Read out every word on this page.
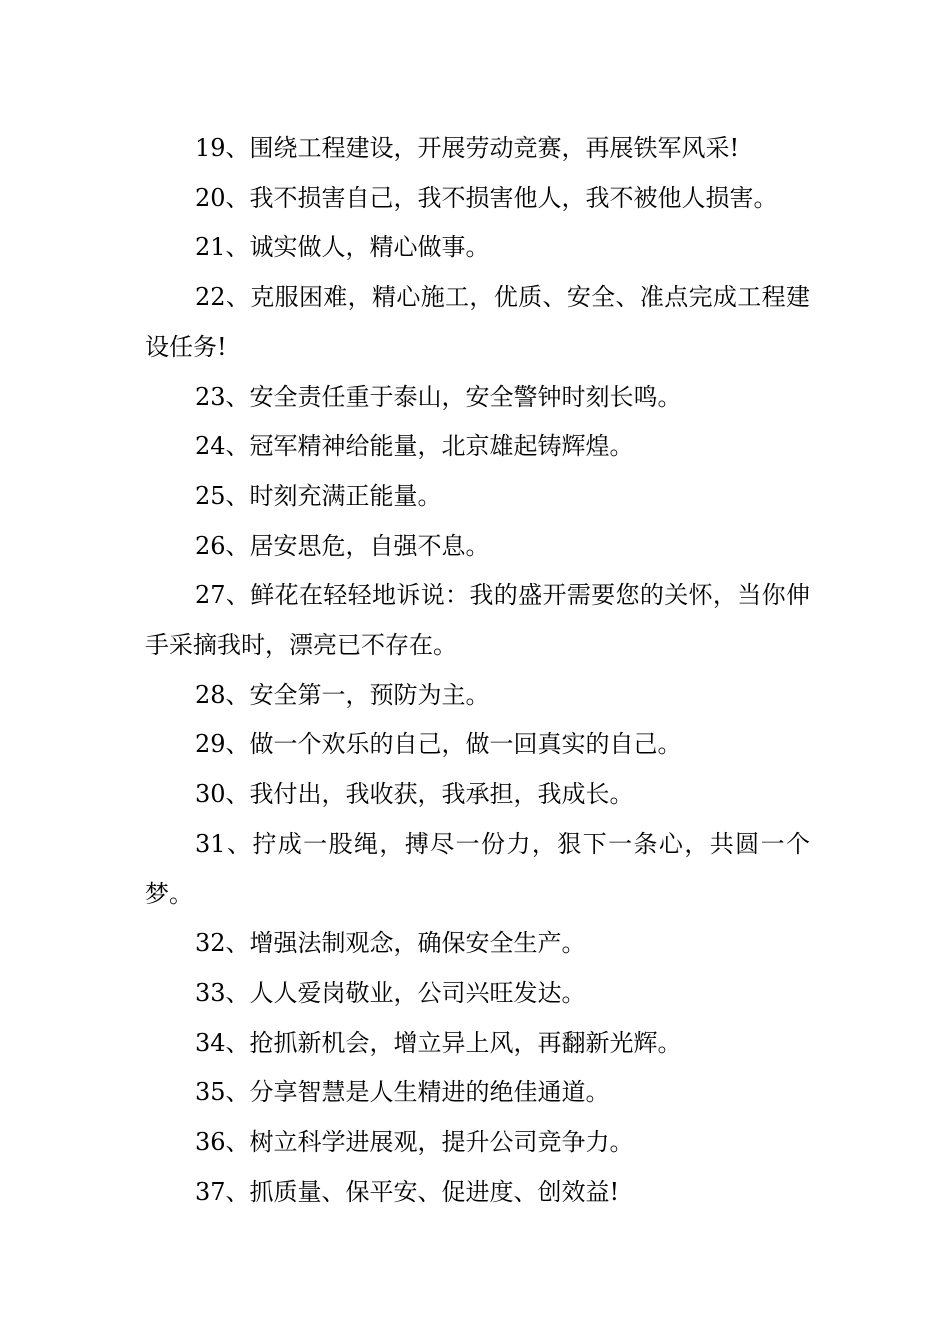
19、围绕工程建设，开展劳动竞赛，再展铁军风采!

20、我不损害自己，我不损害他人，我不被他人损害。

21、诚实做人，精心做事。

22、克服困难，精心施工，优质、安全、准点完成工程建设任务!

23、安全责任重于泰山，安全警钟时刻长鸣。

24、冠军精神给能量，北京雄起铸辉煌。

25、时刻充满正能量。

26、居安思危，自强不息。

27、鲜花在轻轻地诉说：我的盛开需要您的关怀，当你伸手采摘我时，漂亮已不存在。

28、安全第一，预防为主。

29、做一个欢乐的自己，做一回真实的自己。

30、我付出，我收获，我承担，我成长。

31、拧成一股绳，搏尽一份力，狠下一条心，共圆一个梦。

32、增强法制观念，确保安全生产。

33、人人爱岗敬业，公司兴旺发达。

34、抢抓新机会，增立异上风，再翻新光辉。

35、分享智慧是人生精进的绝佳通道。

36、树立科学进展观，提升公司竞争力。

37、抓质量、保平安、促进度、创效益!
